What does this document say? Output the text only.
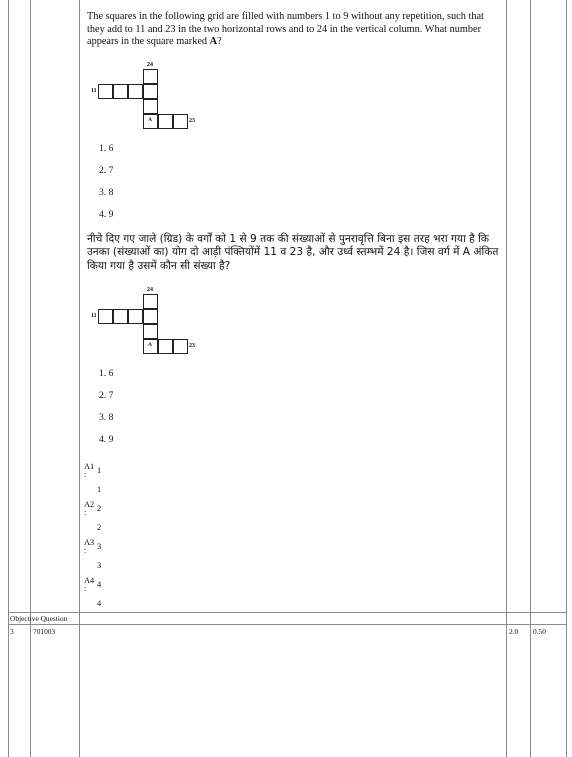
The squares in the following grid are filled with numbers 1 to 9 without any repetition, such that they add to 11 and 23 in the two horizontal rows and to 24 in the vertical column. What number appears in the square marked A?
24
11
23
A
1. 6
2. 7
3. 8
4. 9
नीचे दिए गए जाले (ग्रिड) के वर्गों को 1 से 9 तक की संख्याओं से पुनरावृत्ति बिना इस तरह भरा गया है कि उनका (संख्याओं का) योग दो आड़ी पंक्तियोंमें 11 व 23 है, और उर्ध्व स्तम्भमें 24 है। जिस वर्ग में A अंकित किया गया है उसमें कौन सी संख्या है?
24
11
23
A
1. 6
2. 7
3. 8
4. 9
A1
: 1
1
A2
: 2
2
A3
: 3
3
A4
: 4
4
Objective Question
3	701003	2.0 0.50
